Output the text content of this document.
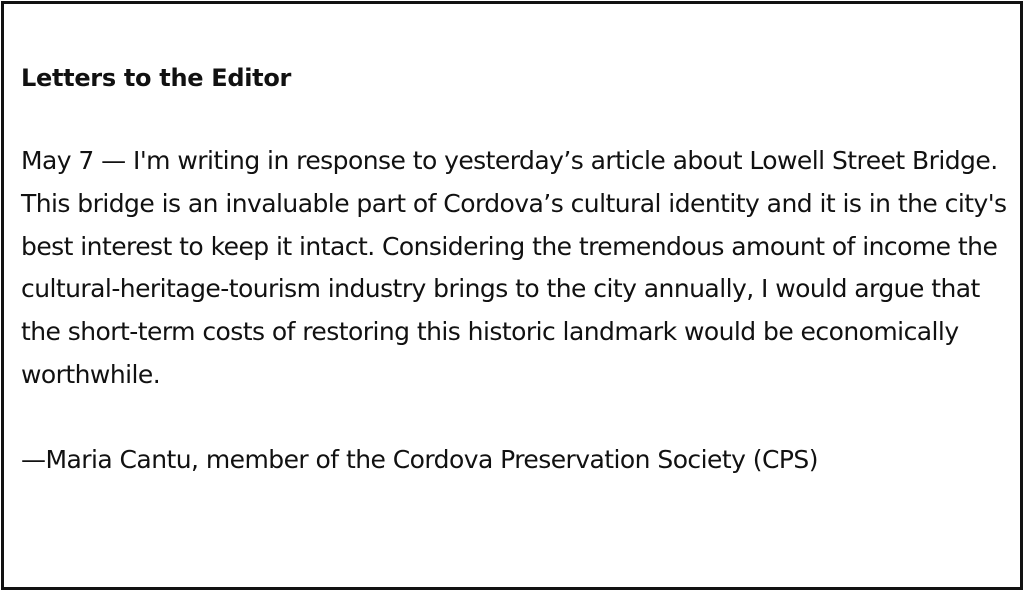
Letters to the Editor

May 7 — I'm writing in response to yesterday’s article about Lowell Street Bridge. This bridge is an invaluable part of Cordova’s cultural identity and it is in the city's best interest to keep it intact. Considering the tremendous amount of income the cultural-heritage-tourism industry brings to the city annually, I would argue that the short-term costs of restoring this historic landmark would be economically worthwhile.

—Maria Cantu, member of the Cordova Preservation Society (CPS)
